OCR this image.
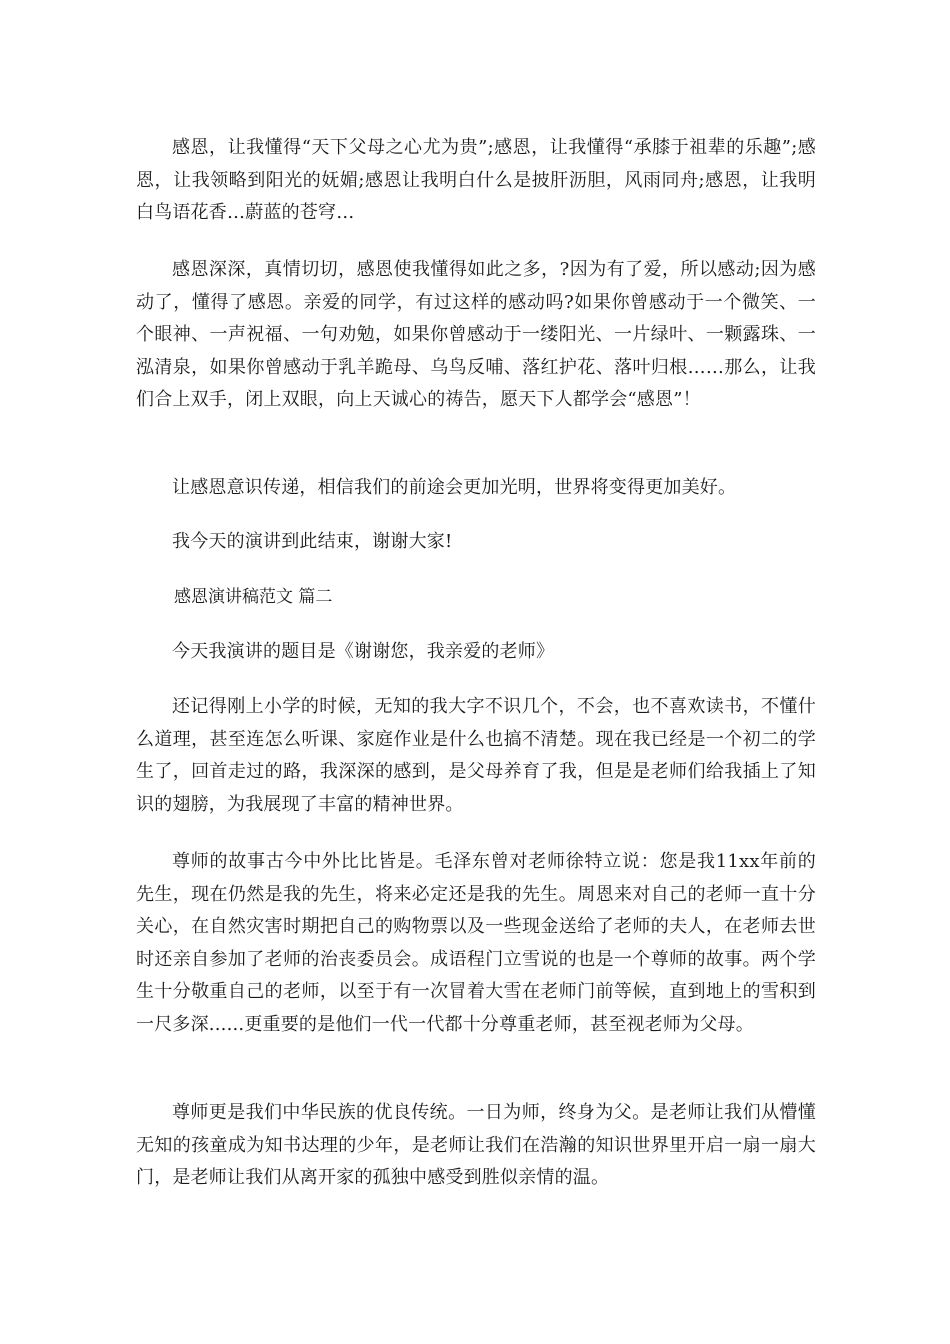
感恩，让我懂得“天下父母之心尤为贵”;感恩，让我懂得“承膝于祖辈的乐趣”;感恩，让我领略到阳光的妩媚;感恩让我明白什么是披肝沥胆，风雨同舟;感恩，让我明白鸟语花香…蔚蓝的苍穹…

感恩深深，真情切切，感恩使我懂得如此之多，?因为有了爱，所以感动;因为感动了，懂得了感恩。亲爱的同学，有过这样的感动吗?如果你曾感动于一个微笑、一个眼神、一声祝福、一句劝勉，如果你曾感动于一缕阳光、一片绿叶、一颗露珠、一泓清泉，如果你曾感动于乳羊跪母、乌鸟反哺、落红护花、落叶归根……那么，让我们合上双手，闭上双眼，向上天诚心的祷告，愿天下人都学会“感恩”！

让感恩意识传递，相信我们的前途会更加光明，世界将变得更加美好。

我今天的演讲到此结束，谢谢大家!

感恩演讲稿范文 篇二

今天我演讲的题目是《谢谢您，我亲爱的老师》

还记得刚上小学的时候，无知的我大字不识几个，不会，也不喜欢读书，不懂什么道理，甚至连怎么听课、家庭作业是什么也搞不清楚。现在我已经是一个初二的学生了，回首走过的路，我深深的感到，是父母养育了我，但是是老师们给我插上了知识的翅膀，为我展现了丰富的精神世界。

尊师的故事古今中外比比皆是。毛泽东曾对老师徐特立说：您是我11xx年前的先生，现在仍然是我的先生，将来必定还是我的先生。周恩来对自己的老师一直十分关心，在自然灾害时期把自己的购物票以及一些现金送给了老师的夫人，在老师去世时还亲自参加了老师的治丧委员会。成语程门立雪说的也是一个尊师的故事。两个学生十分敬重自己的老师，以至于有一次冒着大雪在老师门前等候，直到地上的雪积到一尺多深......更重要的是他们一代一代都十分尊重老师，甚至视老师为父母。

尊师更是我们中华民族的优良传统。一日为师，终身为父。是老师让我们从懵懂无知的孩童成为知书达理的少年，是老师让我们在浩瀚的知识世界里开启一扇一扇大门，是老师让我们从离开家的孤独中感受到胜似亲情的温。
